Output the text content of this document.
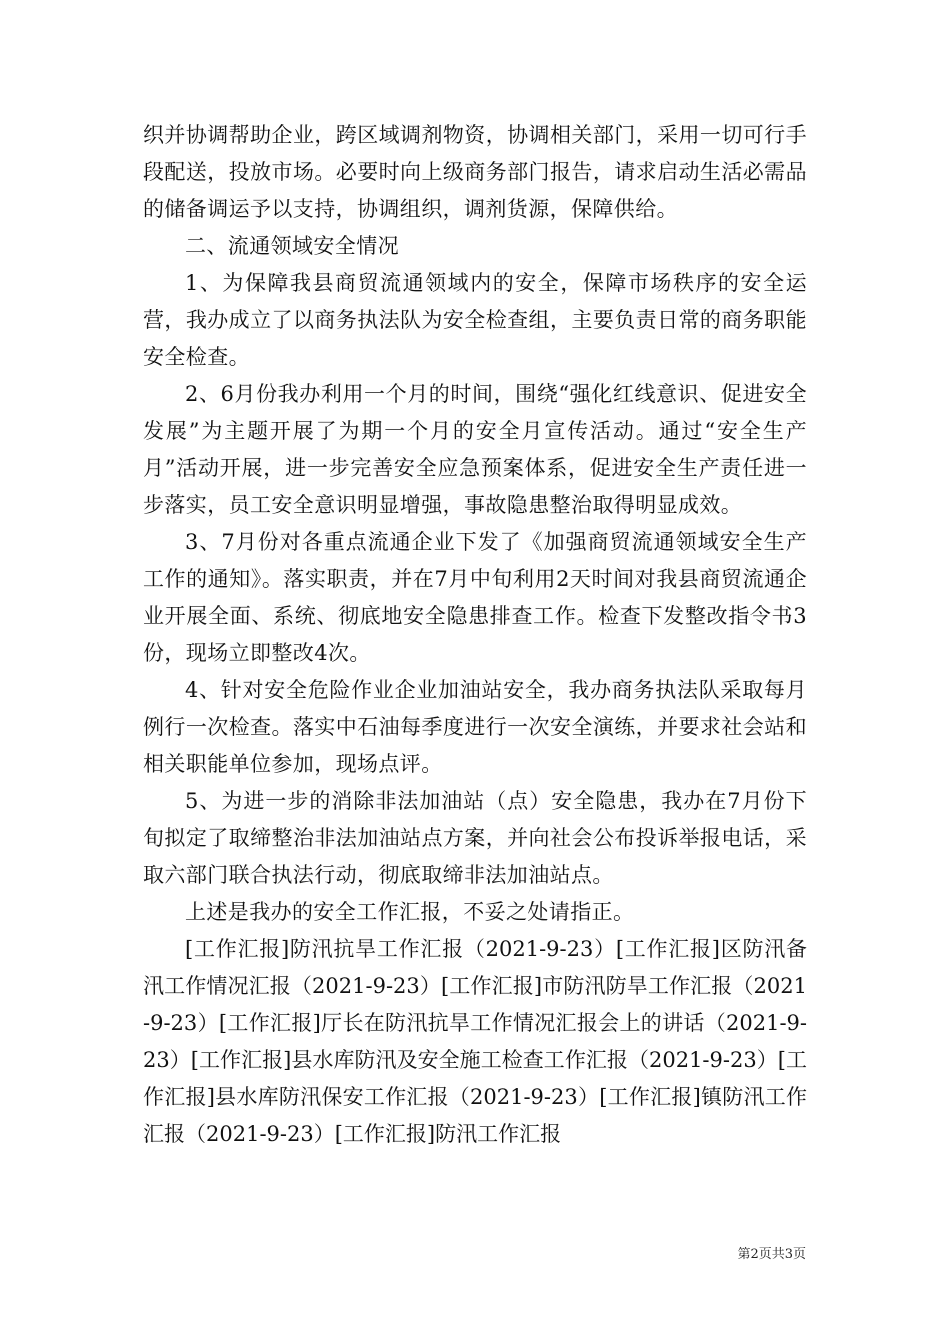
织并协调帮助企业，跨区域调剂物资，协调相关部门，采用一切可行手段配送，投放市场。必要时向上级商务部门报告，请求启动生活必需品的储备调运予以支持，协调组织，调剂货源，保障供给。

二、流通领域安全情况

1、为保障我县商贸流通领域内的安全，保障市场秩序的安全运营，我办成立了以商务执法队为安全检查组，主要负责日常的商务职能安全检查。

2、6月份我办利用一个月的时间，围绕“强化红线意识、促进安全发展”为主题开展了为期一个月的安全月宣传活动。通过“安全生产月”活动开展，进一步完善安全应急预案体系，促进安全生产责任进一步落实，员工安全意识明显增强，事故隐患整治取得明显成效。

3、7月份对各重点流通企业下发了《加强商贸流通领域安全生产工作的通知》。落实职责，并在7月中旬利用2天时间对我县商贸流通企业开展全面、系统、彻底地安全隐患排查工作。检查下发整改指令书3份，现场立即整改4次。

4、针对安全危险作业企业加油站安全，我办商务执法队采取每月例行一次检查。落实中石油每季度进行一次安全演练，并要求社会站和相关职能单位参加，现场点评。

5、为进一步的消除非法加油站（点）安全隐患，我办在7月份下旬拟定了取缔整治非法加油站点方案，并向社会公布投诉举报电话，采取六部门联合执法行动，彻底取缔非法加油站点。

上述是我办的安全工作汇报，不妥之处请指正。

[工作汇报]防汛抗旱工作汇报（2021-9-23）[工作汇报]区防汛备汛工作情况汇报（2021-9-23）[工作汇报]市防汛防旱工作汇报（2021-9-23）[工作汇报]厅长在防汛抗旱工作情况汇报会上的讲话（2021-9-23）[工作汇报]县水库防汛及安全施工检查工作汇报（2021-9-23）[工作汇报]县水库防汛保安工作汇报（2021-9-23）[工作汇报]镇防汛工作汇报（2021-9-23）[工作汇报]防汛工作汇报

第2页共3页
